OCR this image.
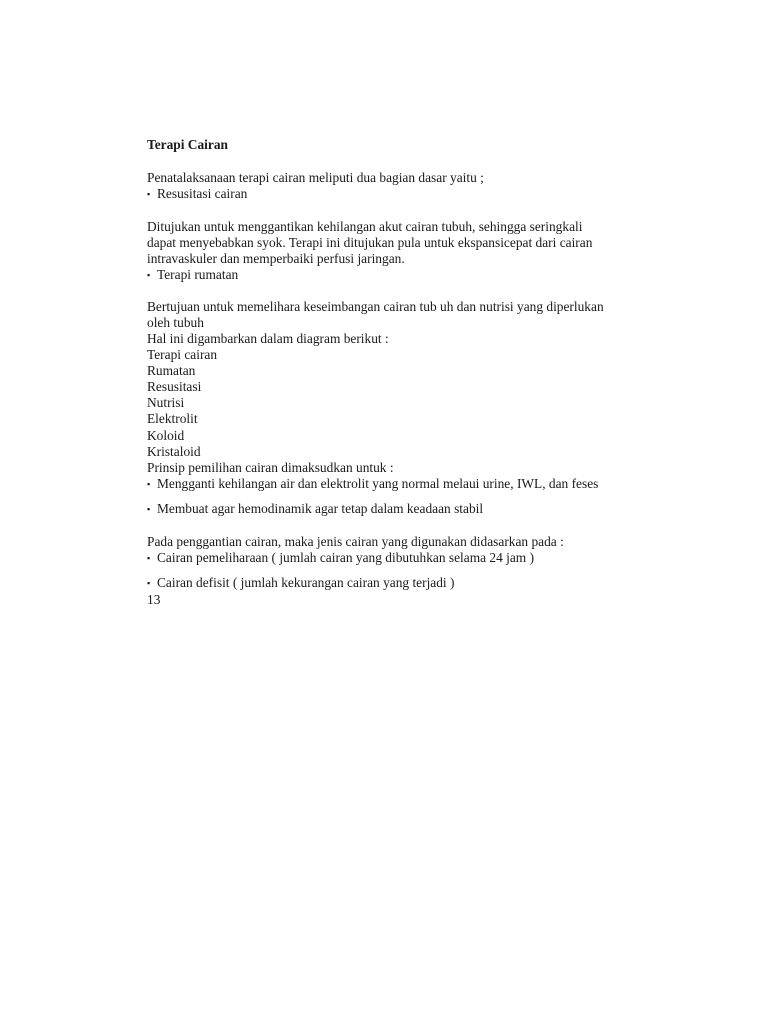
Terapi Cairan
Penatalaksanaan terapi cairan meliputi dua bagian dasar yaitu ;
▪ Resusitasi cairan
Ditujukan untuk menggantikan kehilangan akut cairan tubuh, sehingga seringkali
dapat menyebabkan syok. Terapi ini ditujukan pula untuk ekspansicepat dari cairan
intravaskuler dan memperbaiki perfusi jaringan.
▪ Terapi rumatan
Bertujuan untuk memelihara keseimbangan cairan tub uh dan nutrisi yang diperlukan
oleh tubuh
Hal ini digambarkan dalam diagram berikut :
Terapi cairan
Rumatan
Resusitasi
Nutrisi
Elektrolit
Koloid
Kristaloid
Prinsip pemilihan cairan dimaksudkan untuk :
▪ Mengganti kehilangan air dan elektrolit yang normal melaui urine, IWL, dan feses
▪ Membuat agar hemodinamik agar tetap dalam keadaan stabil
Pada penggantian cairan, maka jenis cairan yang digunakan didasarkan pada :
▪ Cairan pemeliharaan ( jumlah cairan yang dibutuhkan selama 24 jam )
▪ Cairan defisit ( jumlah kekurangan cairan yang terjadi )
13
